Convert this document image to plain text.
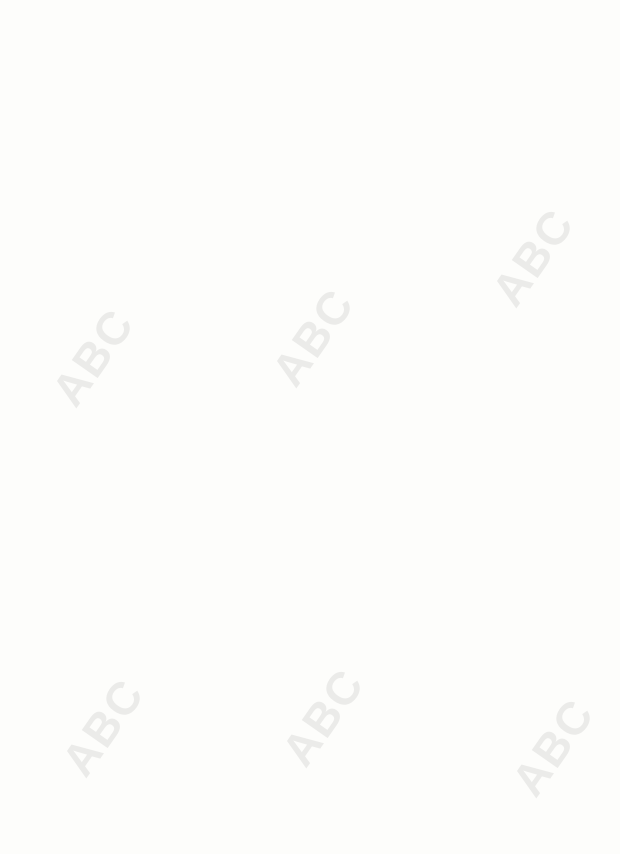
ABC	ABC
ABC
ABC	ABC	ABC
